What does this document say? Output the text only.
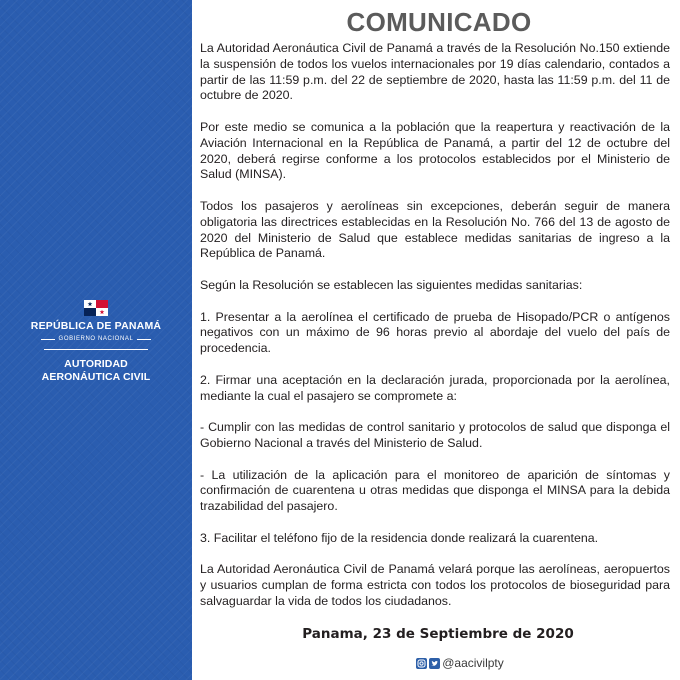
REPÚBLICA DE PANAMÁ
GOBIERNO NACIONAL
AUTORIDAD
AERONÁUTICA CIVIL
COMUNICADO

La Autoridad Aeronáutica Civil de Panamá a través de la Resolución No.150 extiende la suspensión de todos los vuelos internacionales por 19 días calendario, contados a partir de las 11:59 p.m. del 22 de septiembre de 2020, hasta las 11:59 p.m. del 11 de octubre de 2020.

Por este medio se comunica a la población que la reapertura y reactivación de la Aviación Internacional en la República de Panamá, a partir del 12 de octubre del 2020, deberá regirse conforme a los protocolos establecidos por el Ministerio de Salud (MINSA).

Todos los pasajeros y aerolíneas sin excepciones, deberán seguir de manera obligatoria las directrices establecidas en la Resolución No. 766 del 13 de agosto de 2020 del Ministerio de Salud que establece medidas sanitarias de ingreso a la República de Panamá.

Según la Resolución se establecen las siguientes medidas sanitarias:

1. Presentar a la aerolínea el certificado de prueba de Hisopado/PCR o antígenos negativos con un máximo de 96 horas previo al abordaje del vuelo del país de procedencia.

2. Firmar una aceptación en la declaración jurada, proporcionada por la aerolínea, mediante la cual el pasajero se compromete a:

- Cumplir con las medidas de control sanitario y protocolos de salud que disponga el Gobierno Nacional a través del Ministerio de Salud.

- La utilización de la aplicación para el monitoreo de aparición de síntomas y confirmación de cuarentena u otras medidas que disponga el MINSA para la debida trazabilidad del pasajero.

3. Facilitar el teléfono fijo de la residencia donde realizará la cuarentena.

La Autoridad Aeronáutica Civil de Panamá velará porque las aerolíneas, aeropuertos y usuarios cumplan de forma estricta con todos los protocolos de bioseguridad para salvaguardar la vida de todos los ciudadanos.

Panama, 23 de Septiembre de 2020
@aacivilpty
